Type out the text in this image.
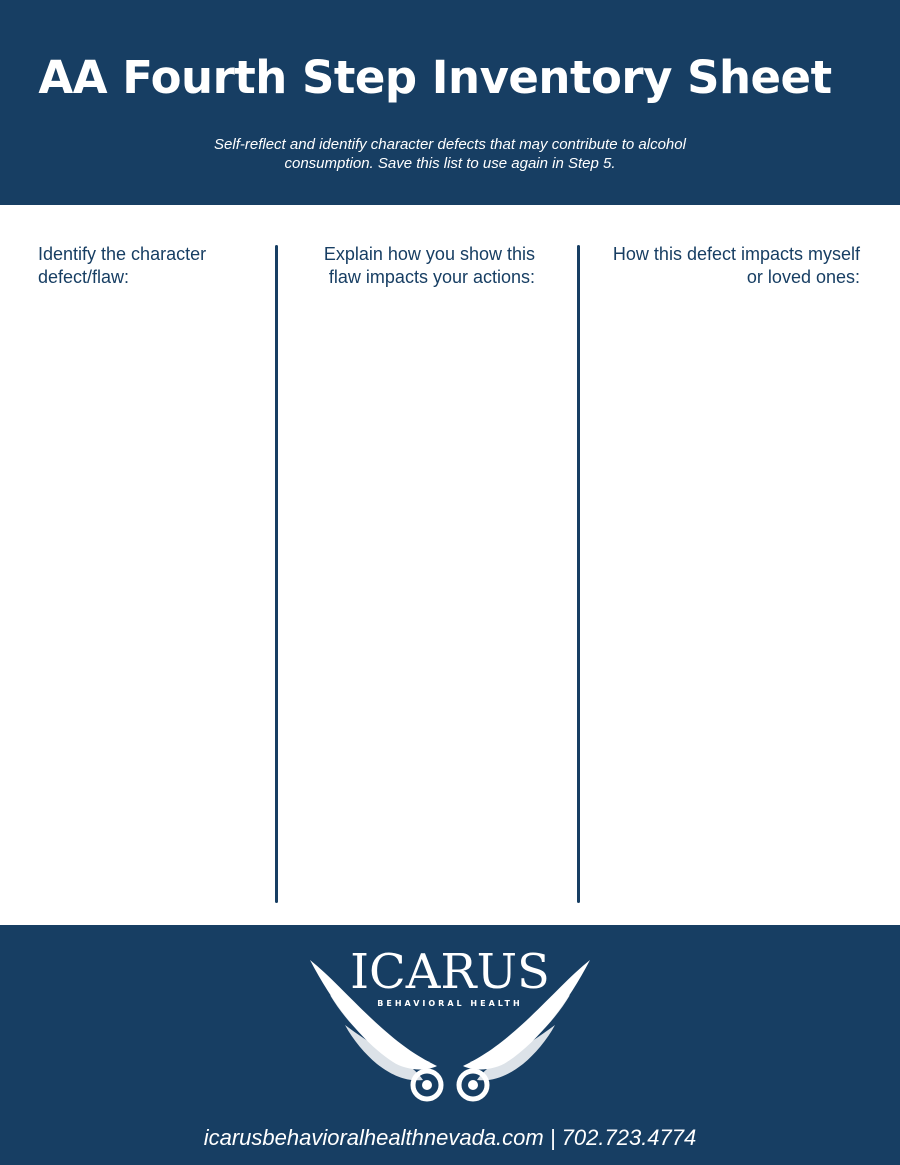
AA Fourth Step Inventory Sheet
Self-reflect and identify character defects that may contribute to alcohol
consumption. Save this list to use again in Step 5.
Identify the character
defect/flaw:
Explain how you show this
flaw impacts your actions:
How this defect impacts myself
or loved ones:
ICARUS
BEHAVIORAL HEALTH
icarusbehavioralhealthnevada.com | 702.723.4774
